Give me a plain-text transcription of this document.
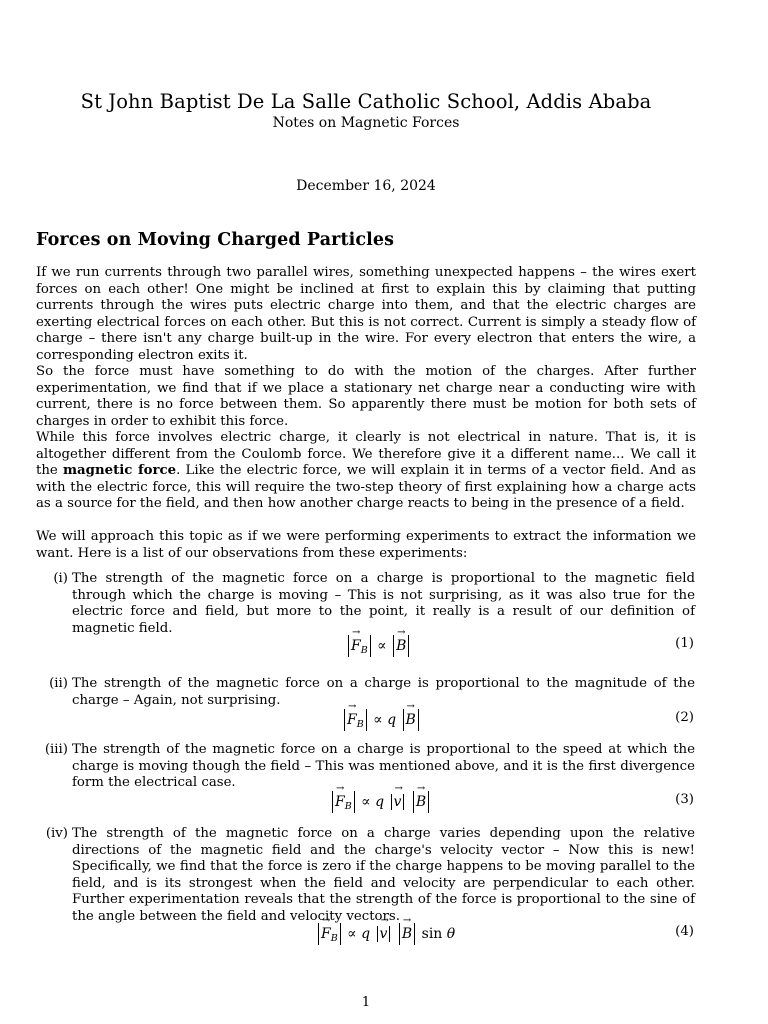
St John Baptist De La Salle Catholic School, Addis Ababa
Notes on Magnetic Forces
December 16, 2024
Forces on Moving Charged Particles

If we run currents through two parallel wires, something unexpected happens – the wires exert forces on each other! One might be inclined at first to explain this by claiming that putting currents through the wires puts electric charge into them, and that the electric charges are exerting electrical forces on each other. But this is not correct. Current is simply a steady flow of charge – there isn't any charge built-up in the wire. For every electron that enters the wire, a corresponding electron exits it.

So the force must have something to do with the motion of the charges. After further experimentation, we find that if we place a stationary net charge near a conducting wire with current, there is no force between them. So apparently there must be motion for both sets of charges in order to exhibit this force.

While this force involves electric charge, it clearly is not electrical in nature. That is, it is altogether different from the Coulomb force. We therefore give it a different name... We call it the magnetic force. Like the electric force, we will explain it in terms of a vector field. And as with the electric force, this will require the two-step theory of first explaining how a charge acts as a source for the field, and then how another charge reacts to being in the presence of a field.

We will approach this topic as if we were performing experiments to extract the information we want. Here is a list of our observations from these experiments:

(i) The strength of the magnetic force on a charge is proportional to the magnetic field through which the charge is moving – This is not surprising, as it was also true for the electric force and field, but more to the point, it really is a result of our definition of magnetic field.
→ $F_B$ ∝ → B	(1)
(ii) The strength of the magnetic force on a charge is proportional to the magnitude of the charge – Again, not surprising.
→ $F_B \propto q \to B$	(2)
(iii) The strength of the magnetic force on a charge is proportional to the speed at which the charge is moving though the field – This was mentioned above, and it is the first divergence form the electrical case.
→ $F_B \propto q \to v \to B$	(3)
(iv) The strength of the magnetic force on a charge varies depending upon the relative directions of the magnetic field and the charge's velocity vector – Now this is new! Specifically, we find that the force is zero if the charge happens to be moving parallel to the field, and is its strongest when the field and velocity are perpendicular to each other. Further experimentation reveals that the strength of the force is proportional to the sine of the angle between the field and velocity vectors.
→ $F_B \propto q \to v \to B$ sin θ	(4)
1
